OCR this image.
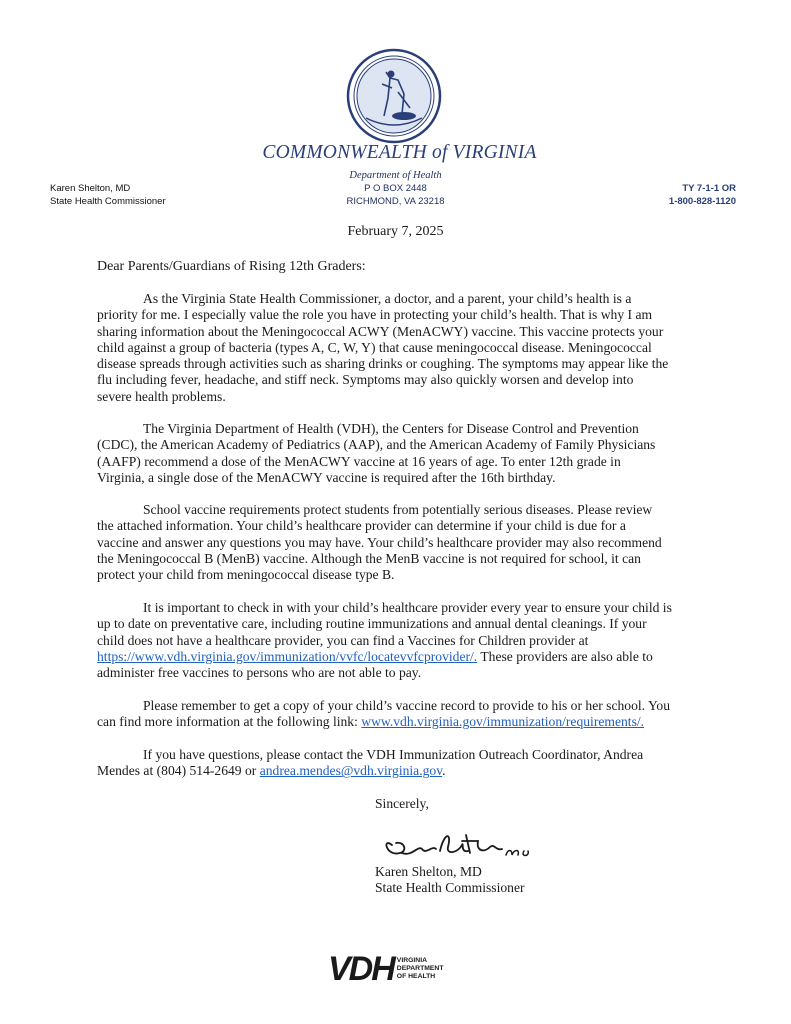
COMMONWEALTH of VIRGINIA
Department of Health
P O BOX 2448
RICHMOND, VA 23218
Karen Shelton, MD
State Health Commissioner
TY 7-1-1 OR
1-800-828-1120
February 7, 2025
Dear Parents/Guardians of Rising 12th Graders:
As the Virginia State Health Commissioner, a doctor, and a parent, your child’s health is a
priority for me. I especially value the role you have in protecting your child’s health. That is why I am
sharing information about the Meningococcal ACWY (MenACWY) vaccine. This vaccine protects your
child against a group of bacteria (types A, C, W, Y) that cause meningococcal disease. Meningococcal
disease spreads through activities such as sharing drinks or coughing. The symptoms may appear like the
flu including fever, headache, and stiff neck. Symptoms may also quickly worsen and develop into
severe health problems.
The Virginia Department of Health (VDH), the Centers for Disease Control and Prevention
(CDC), the American Academy of Pediatrics (AAP), and the American Academy of Family Physicians
(AAFP) recommend a dose of the MenACWY vaccine at 16 years of age. To enter 12th grade in
Virginia, a single dose of the MenACWY vaccine is required after the 16th birthday.
School vaccine requirements protect students from potentially serious diseases. Please review
the attached information. Your child’s healthcare provider can determine if your child is due for a
vaccine and answer any questions you may have. Your child’s healthcare provider may also recommend
the Meningococcal B (MenB) vaccine. Although the MenB vaccine is not required for school, it can
protect your child from meningococcal disease type B.
It is important to check in with your child’s healthcare provider every year to ensure your child is
up to date on preventative care, including routine immunizations and annual dental cleanings. If your
child does not have a healthcare provider, you can find a Vaccines for Children provider at
https://www.vdh.virginia.gov/immunization/vvfc/locatevvfcprovider/. These providers are also able to
administer free vaccines to persons who are not able to pay.
Please remember to get a copy of your child’s vaccine record to provide to his or her school. You
can find more information at the following link: www.vdh.virginia.gov/immunization/requirements/.
If you have questions, please contact the VDH Immunization Outreach Coordinator, Andrea
Mendes at (804) 514-2649 or andrea.mendes@vdh.virginia.gov.
Sincerely,
Karen Shelton, MD
State Health Commissioner
VDH VIRGINIA
DEPARTMENT
OF HEALTH
